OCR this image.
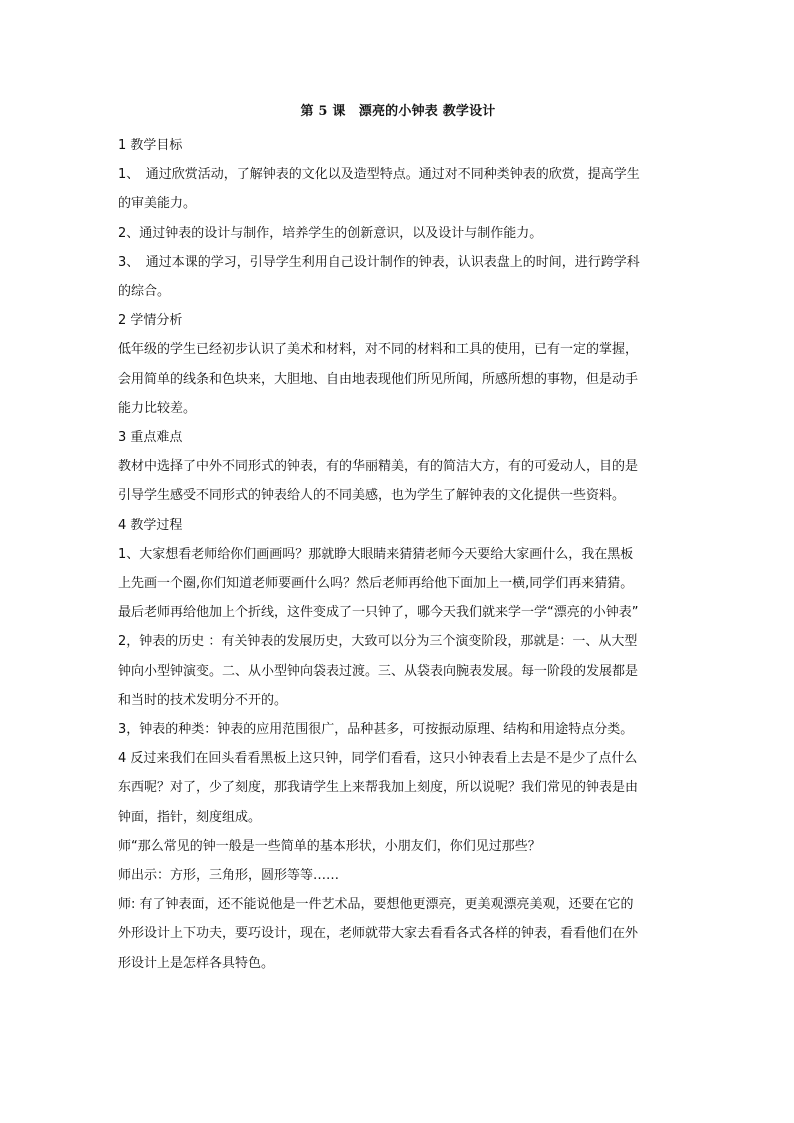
第 5 课　漂亮的小钟表 教学设计

1 教学目标

1、　通过欣赏活动，了解钟表的文化以及造型特点。通过对不同种类钟表的欣赏，提高学生

的审美能力。

2、通过钟表的设计与制作，培养学生的创新意识，以及设计与制作能力。

3、　通过本课的学习，引导学生利用自己设计制作的钟表，认识表盘上的时间，进行跨学科

的综合。

2 学情分析

低年级的学生已经初步认识了美术和材料，对不同的材料和工具的使用，已有一定的掌握，

会用简单的线条和色块来，大胆地、自由地表现他们所见所闻，所感所想的事物，但是动手

能力比较差。

3 重点难点

教材中选择了中外不同形式的钟表，有的华丽精美，有的简洁大方，有的可爱动人，目的是

引导学生感受不同形式的钟表给人的不同美感，也为学生了解钟表的文化提供一些资料。

4 教学过程

1、大家想看老师给你们画画吗？那就睁大眼睛来猜猜老师今天要给大家画什么，我在黑板

上先画一个圈,你们知道老师要画什么吗？然后老师再给他下面加上一横,同学们再来猜猜。

最后老师再给他加上个折线，这件变成了一只钟了，哪今天我们就来学一学“漂亮的小钟表”

2，钟表的历史 ：有关钟表的发展历史，大致可以分为三个演变阶段，那就是：一、从大型

钟向小型钟演变。二、从小型钟向袋表过渡。三、从袋表向腕表发展。每一阶段的发展都是

和当时的技术发明分不开的。

3，钟表的种类：钟表的应用范围很广，品种甚多，可按振动原理、结构和用途特点分类。

4 反过来我们在回头看看黑板上这只钟，同学们看看，这只小钟表看上去是不是少了点什么

东西呢？对了，少了刻度，那我请学生上来帮我加上刻度，所以说呢？我们常见的钟表是由

钟面，指针，刻度组成。

师“那么常见的钟一般是一些简单的基本形状，小朋友们，你们见过那些？

师出示：方形，三角形，圆形等等……

师: 有了钟表面，还不能说他是一件艺术品，要想他更漂亮，更美观漂亮美观，还要在它的

外形设计上下功夫，要巧设计，现在，老师就带大家去看看各式各样的钟表，看看他们在外

形设计上是怎样各具特色。
